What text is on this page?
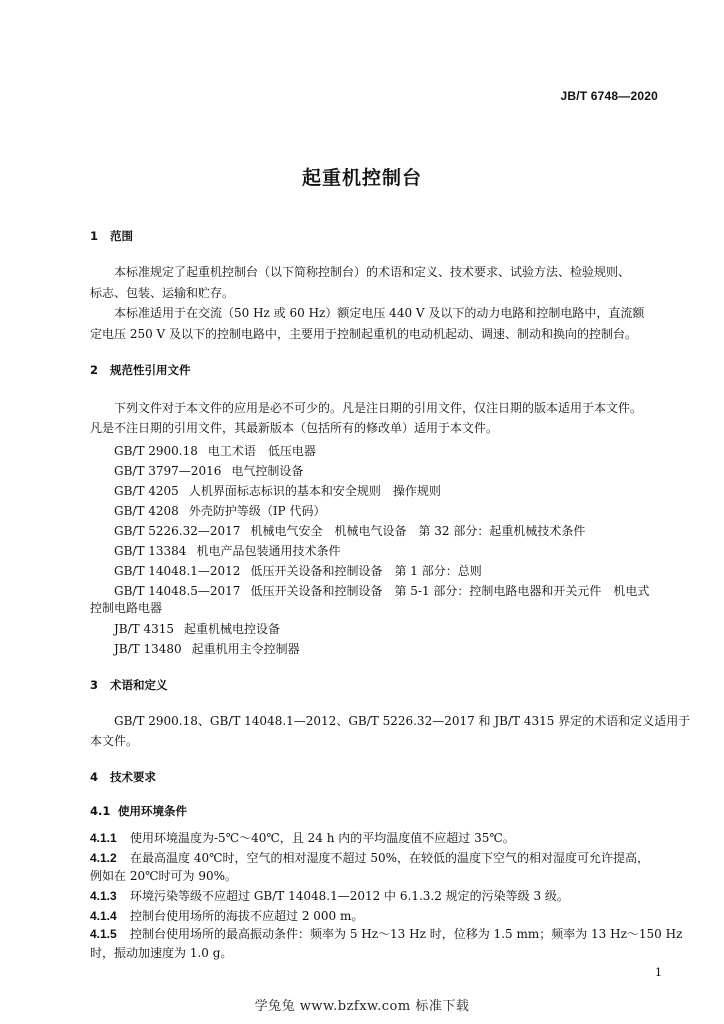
JB/T 6748—2020
起重机控制台
1 范围
本标准规定了起重机控制台（以下简称控制台）的术语和定义、技术要求、试验方法、检验规则、
标志、包装、运输和贮存。
本标准适用于在交流（50 Hz 或 60 Hz）额定电压 440 V 及以下的动力电路和控制电路中，直流额
定电压 250 V 及以下的控制电路中，主要用于控制起重机的电动机起动、调速、制动和换向的控制台。
2 规范性引用文件
下列文件对于本文件的应用是必不可少的。凡是注日期的引用文件，仅注日期的版本适用于本文件。
凡是不注日期的引用文件，其最新版本（包括所有的修改单）适用于本文件。
GB/T 2900.18 电工术语　低压电器
GB/T 3797—2016 电气控制设备
GB/T 4205 人机界面标志标识的基本和安全规则　操作规则
GB/T 4208 外壳防护等级（IP 代码）
GB/T 5226.32—2017 机械电气安全　机械电气设备　第 32 部分：起重机械技术条件
GB/T 13384 机电产品包装通用技术条件
GB/T 14048.1—2012 低压开关设备和控制设备　第 1 部分：总则
GB/T 14048.5—2017 低压开关设备和控制设备　第 5-1 部分：控制电路电器和开关元件　机电式
控制电路电器
JB/T 4315 起重机械电控设备
JB/T 13480 起重机用主令控制器
3 术语和定义
GB/T 2900.18、GB/T 14048.1—2012、GB/T 5226.32—2017 和 JB/T 4315 界定的术语和定义适用于
本文件。
4 技术要求
4.1 使用环境条件
4.1.1 使用环境温度为-5℃～40℃，且 24 h 内的平均温度值不应超过 35℃。
4.1.2 在最高温度 40℃时，空气的相对湿度不超过 50%，在较低的温度下空气的相对湿度可允许提高，
例如在 20℃时可为 90%。
4.1.3 环境污染等级不应超过 GB/T 14048.1—2012 中 6.1.3.2 规定的污染等级 3 级。
4.1.4 控制台使用场所的海拔不应超过 2 000 m。
4.1.5 控制台使用场所的最高振动条件：频率为 5 Hz～13 Hz 时，位移为 1.5 mm；频率为 13 Hz～150 Hz
时，振动加速度为 1.0 g。
1
学兔兔 www.bzfxw.com 标准下载
